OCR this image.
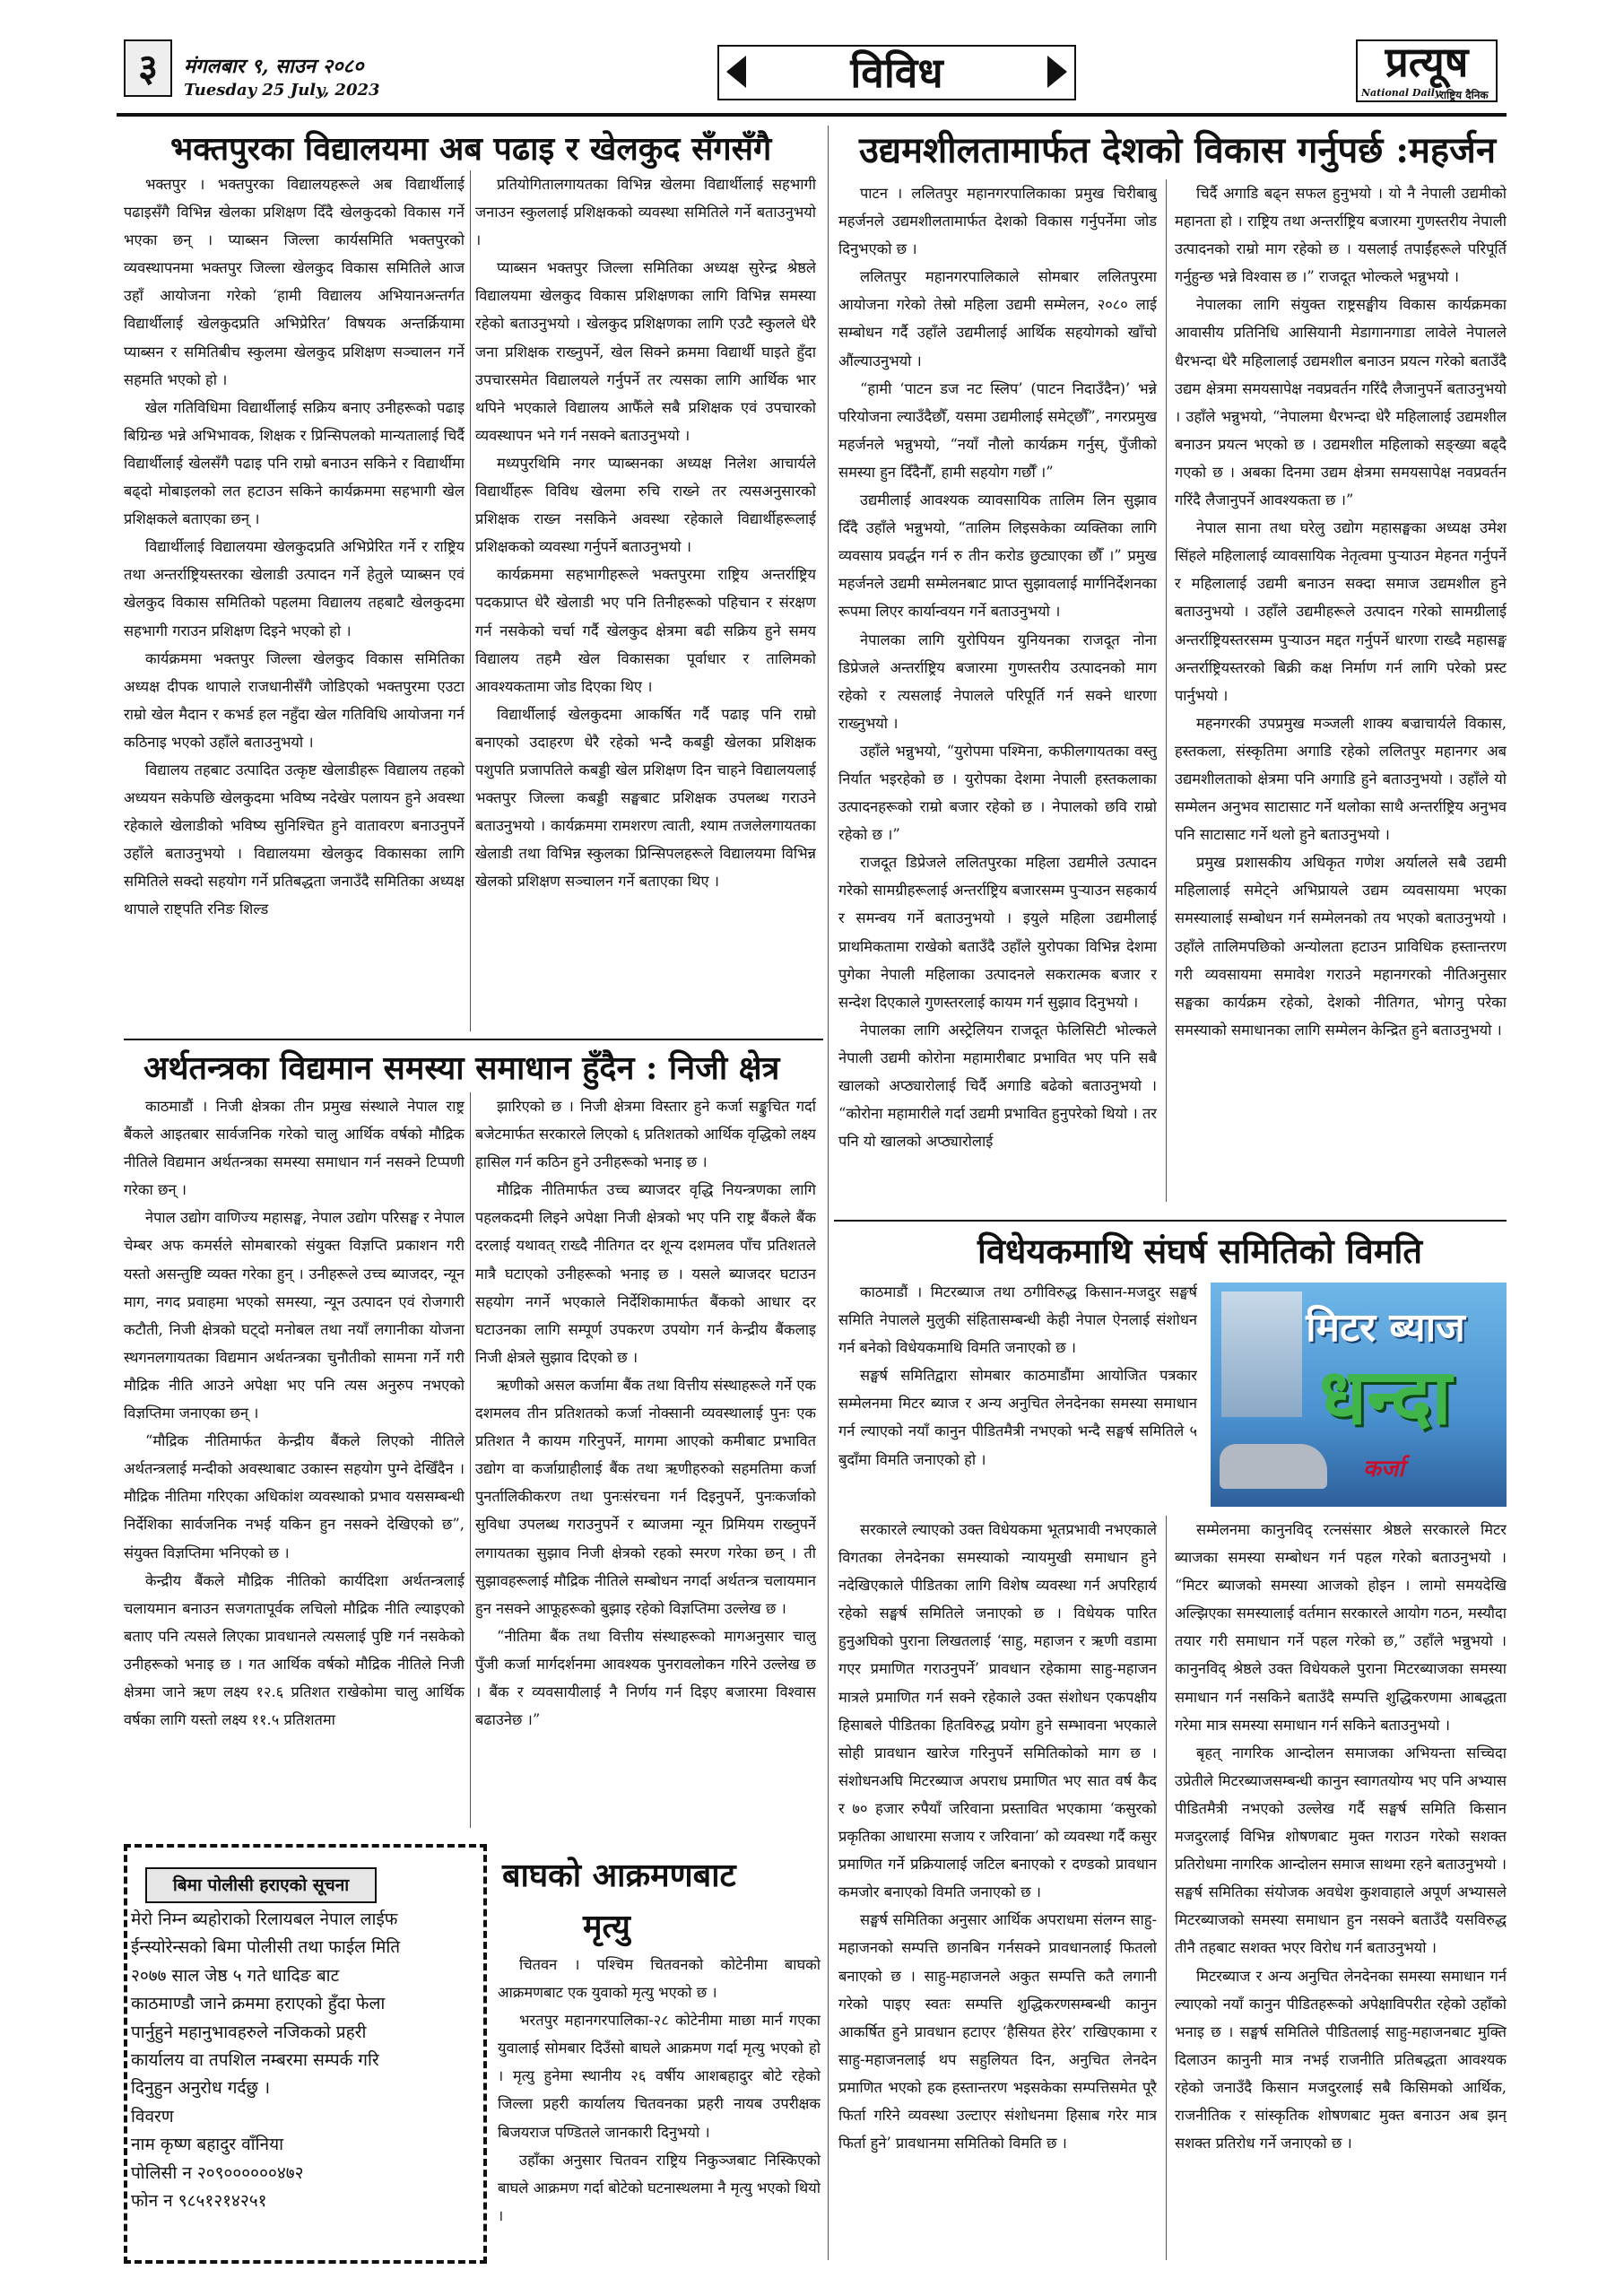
३	मंगलबार ९, साउन २०८०
Tuesday 25 July, 2023	विविध	प्रत्यूष
National Daily
राष्ट्रिय दैनिक
भक्तपुरका विद्यालयमा अब पढाइ र खेलकुद सँगसँगै

भक्तपुर । भक्तपुरका विद्यालयहरूले अब विद्यार्थीलाई पढाइसँगै विभिन्न खेलका प्रशिक्षण दिँदै खेलकुदको विकास गर्ने भएका छन् । प्याब्सन जिल्ला कार्यसमिति भक्तपुरको व्यवस्थापनमा भक्तपुर जिल्ला खेलकुद विकास समितिले आज उहाँ आयोजना गरेको ‘हामी विद्यालय अभियानअन्तर्गत विद्यार्थीलाई खेलकुदप्रति अभिप्रेरित’ विषयक अन्तर्क्रियामा प्याब्सन र समितिबीच स्कुलमा खेलकुद प्रशिक्षण सञ्चालन गर्ने सहमति भएको हो ।

खेल गतिविधिमा विद्यार्थीलाई सक्रिय बनाए उनीहरूको पढाइ बिग्रिन्छ भन्ने अभिभावक, शिक्षक र प्रिन्सिपलको मान्यतालाई चिर्दै विद्यार्थीलाई खेलसँगै पढाइ पनि राम्रो बनाउन सकिने र विद्यार्थीमा बढ्दो मोबाइलको लत हटाउन सकिने कार्यक्रममा सहभागी खेल प्रशिक्षकले बताएका छन् ।

विद्यार्थीलाई विद्यालयमा खेलकुदप्रति अभिप्रेरित गर्ने र राष्ट्रिय तथा अन्तर्राष्ट्रियस्तरका खेलाडी उत्पादन गर्ने हेतुले प्याब्सन एवं खेलकुद विकास समितिको पहलमा विद्यालय तहबाटै खेलकुदमा सहभागी गराउन प्रशिक्षण दिइने भएको हो ।

कार्यक्रममा भक्तपुर जिल्ला खेलकुद विकास समितिका अध्यक्ष दीपक थापाले राजधानीसँगै जोडिएको भक्तपुरमा एउटा राम्रो खेल मैदान र कभर्ड हल नहुँदा खेल गतिविधि आयोजना गर्न कठिनाइ भएको उहाँले बताउनुभयो ।

विद्यालय तहबाट उत्पादित उत्कृष्ट खेलाडीहरू विद्यालय तहको अध्ययन सकेपछि खेलकुदमा भविष्य नदेखेर पलायन हुने अवस्था रहेकाले खेलाडीको भविष्य सुनिश्चित हुने वातावरण बनाउनुपर्ने उहाँले बताउनुभयो । विद्यालयमा खेलकुद विकासका लागि समितिले सक्दो सहयोग गर्ने प्रतिबद्धता जनाउँदै समितिका अध्यक्ष थापाले राष्ट्पति रनिङ शिल्ड

प्रतियोगितालगायतका विभिन्न खेलमा विद्यार्थीलाई सहभागी जनाउन स्कुललाई प्रशिक्षकको व्यवस्था समितिले गर्ने बताउनुभयो ।

प्याब्सन भक्तपुर जिल्ला समितिका अध्यक्ष सुरेन्द्र श्रेष्ठले विद्यालयमा खेलकुद विकास प्रशिक्षणका लागि विभिन्न समस्या रहेको बताउनुभयो । खेलकुद प्रशिक्षणका लागि एउटै स्कुलले धेरै जना प्रशिक्षक राख्नुपर्ने, खेल सिक्ने क्रममा विद्यार्थी घाइते हुँदा उपचारसमेत विद्यालयले गर्नुपर्ने तर त्यसका लागि आर्थिक भार थपिने भएकाले विद्यालय आफैँले सबै प्रशिक्षक एवं उपचारको व्यवस्थापन भने गर्न नसक्ने बताउनुभयो ।

मध्यपुरथिमि नगर प्याब्सनका अध्यक्ष निलेश आचार्यले विद्यार्थीहरू विविध खेलमा रुचि राख्ने तर त्यसअनुसारको प्रशिक्षक राख्न नसकिने अवस्था रहेकाले विद्यार्थीहरूलाई प्रशिक्षकको व्यवस्था गर्नुपर्ने बताउनुभयो ।

कार्यक्रममा सहभागीहरूले भक्तपुरमा राष्ट्रिय अन्तर्राष्ट्रिय पदकप्राप्त धेरै खेलाडी भए पनि तिनीहरूको पहिचान र संरक्षण गर्न नसकेको चर्चा गर्दै खेलकुद क्षेत्रमा बढी सक्रिय हुने समय विद्यालय तहमै खेल विकासका पूर्वाधार र तालिमको आवश्यकतामा जोड दिएका थिए ।

विद्यार्थीलाई खेलकुदमा आकर्षित गर्दै पढाइ पनि राम्रो बनाएको उदाहरण धेरै रहेको भन्दै कबड्डी खेलका प्रशिक्षक पशुपति प्रजापतिले कबड्डी खेल प्रशिक्षण दिन चाहने विद्यालयलाई भक्तपुर जिल्ला कबड्डी सङ्घबाट प्रशिक्षक उपलब्ध गराउने बताउनुभयो । कार्यक्रममा रामशरण त्वाती, श्याम तजलेलगायतका खेलाडी तथा विभिन्न स्कुलका प्रिन्सिपलहरूले विद्यालयमा विभिन्न खेलको प्रशिक्षण सञ्चालन गर्ने बताएका थिए ।

उद्यमशीलतामार्फत देशको विकास गर्नुपर्छ :महर्जन

पाटन । ललितपुर महानगरपालिकाका प्रमुख चिरीबाबु महर्जनले उद्यमशीलतामार्फत देशको विकास गर्नुपर्नेमा जोड दिनुभएको छ ।

ललितपुर महानगरपालिकाले सोमबार ललितपुरमा आयोजना गरेको तेस्रो महिला उद्यमी सम्मेलन, २०८० लाई सम्बोधन गर्दै उहाँले उद्यमीलाई आर्थिक सहयोगको खाँचो औंल्याउनुभयो ।

“हामी ‘पाटन डज नट स्लिप’ (पाटन निदाउँदैन)’ भन्ने परियोजना ल्याउँदैछौँ, यसमा उद्यमीलाई समेट्छौँ”, नगरप्रमुख महर्जनले भन्नुभयो, “नयाँ नौलो कार्यक्रम गर्नुस्, पुँजीको समस्या हुन दिँदैनौँ, हामी सहयोग गर्छौँ ।”

उद्यमीलाई आवश्यक व्यावसायिक तालिम लिन सुझाव दिँदै उहाँले भन्नुभयो, “तालिम लिइसकेका व्यक्तिका लागि व्यवसाय प्रवर्द्धन गर्न रु तीन करोड छुट्याएका छौँ ।” प्रमुख महर्जनले उद्यमी सम्मेलनबाट प्राप्त सुझावलाई मार्गनिर्देशनका रूपमा लिएर कार्यान्वयन गर्ने बताउनुभयो ।

नेपालका लागि युरोपियन युनियनका राजदूत नोना डिप्रेजले अन्तर्राष्ट्रिय बजारमा गुणस्तरीय उत्पादनको माग रहेको र त्यसलाई नेपालले परिपूर्ति गर्न सक्ने धारणा राख्नुभयो ।

उहाँले भन्नुभयो, “युरोपमा पश्मिना, कफीलगायतका वस्तु निर्यात भइरहेको छ । युरोपका देशमा नेपाली हस्तकलाका उत्पादनहरूको राम्रो बजार रहेको छ । नेपालको छवि राम्रो रहेको छ ।”

राजदूत डिप्रेजले ललितपुरका महिला उद्यमीले उत्पादन गरेको सामग्रीहरूलाई अन्तर्राष्ट्रिय बजारसम्म पुर्‍याउन सहकार्य र समन्वय गर्ने बताउनुभयो । इयुले महिला उद्यमीलाई प्राथमिकतामा राखेको बताउँदै उहाँले युरोपका विभिन्न देशमा पुगेका नेपाली महिलाका उत्पादनले सकरात्मक बजार र सन्देश दिएकाले गुणस्तरलाई कायम गर्न सुझाव दिनुभयो ।

नेपालका लागि अस्ट्रेलियन राजदूत फेलिसिटी भोल्कले नेपाली उद्यमी कोरोना महामारीबाट प्रभावित भए पनि सबै खालको अप्ठ्यारोलाई चिर्दै अगाडि बढेको बताउनुभयो । “कोरोना महामारीले गर्दा उद्यमी प्रभावित हुनुपरेको थियो । तर पनि यो खालको अप्ठ्यारोलाई

चिर्दै अगाडि बढ्न सफल हुनुभयो । यो नै नेपाली उद्यमीको महानता हो । राष्ट्रिय तथा अन्तर्राष्ट्रिय बजारमा गुणस्तरीय नेपाली उत्पादनको राम्रो माग रहेको छ । यसलाई तपाईंहरूले परिपूर्ति गर्नुहुन्छ भन्ने विश्वास छ ।” राजदूत भोल्कले भन्नुभयो ।

नेपालका लागि संयुक्त राष्ट्रसङ्घीय विकास कार्यक्रमका आवासीय प्रतिनिधि आसियानी मेडागानगाडा लावेले नेपालले धैरभन्दा धेरै महिलालाई उद्यमशील बनाउन प्रयत्न गरेको बताउँदै उद्यम क्षेत्रमा समयसापेक्ष नवप्रवर्तन गरिंदै लैजानुपर्ने बताउनुभयो । उहाँले भन्नुभयो, “नेपालमा धैरभन्दा धेरै महिलालाई उद्यमशील बनाउन प्रयत्न भएको छ । उद्यमशील महिलाको सङ्ख्या बढ्दै गएको छ । अबका दिनमा उद्यम क्षेत्रमा समयसापेक्ष नवप्रवर्तन गरिंदै लैजानुपर्ने आवश्यकता छ ।”

नेपाल साना तथा घरेलु उद्योग महासङ्घका अध्यक्ष उमेश सिंहले महिलालाई व्यावसायिक नेतृत्वमा पुर्‍याउन मेहनत गर्नुपर्ने र महिलालाई उद्यमी बनाउन सक्दा समाज उद्यमशील हुने बताउनुभयो । उहाँले उद्यमीहरूले उत्पादन गरेको सामग्रीलाई अन्तर्राष्ट्रियस्तरसम्म पुऱ्याउन मद्दत गर्नुपर्ने धारणा राख्दै महासङ्घ अन्तर्राष्ट्रियस्तरको बिक्री कक्ष निर्माण गर्न लागि परेको प्रस्ट पार्नुभयो ।

महनगरकी उपप्रमुख मञ्जली शाक्य बज्राचार्यले विकास, हस्तकला, संस्कृतिमा अगाडि रहेको ललितपुर महानगर अब उद्यमशीलताको क्षेत्रमा पनि अगाडि हुने बताउनुभयो । उहाँले यो सम्मेलन अनुभव साटासाट गर्ने थलोका साथै अन्तर्राष्ट्रिय अनुभव पनि साटासाट गर्ने थलो हुने बताउनुभयो ।

प्रमुख प्रशासकीय अधिकृत गणेश अर्यालले सबै उद्यमी महिलालाई समेट्ने अभिप्रायले उद्यम व्यवसायमा भएका समस्यालाई सम्बोधन गर्न सम्मेलनको तय भएको बताउनुभयो । उहाँले तालिमपछिको अन्योलता हटाउन प्राविधिक हस्तान्तरण गरी व्यवसायमा समावेश गराउने महानगरको नीतिअनुसार सङ्घका कार्यक्रम रहेको, देशको नीतिगत, भोगनु परेका समस्याको समाधानका लागि सम्मेलन केन्द्रित हुने बताउनुभयो ।

अर्थतन्त्रका विद्यमान समस्या समाधान हुँदैन : निजी क्षेत्र

काठमाडौं । निजी क्षेत्रका तीन प्रमुख संस्थाले नेपाल राष्ट्र बैंकले आइतबार सार्वजनिक गरेको चालु आर्थिक वर्षको मौद्रिक नीतिले विद्यमान अर्थतन्त्रका समस्या समाधान गर्न नसक्ने टिप्पणी गरेका छन् ।

नेपाल उद्योग वाणिज्य महासङ्घ, नेपाल उद्योग परिसङ्घ र नेपाल चेम्बर अफ कमर्सले सोमबारको संयुक्त विज्ञप्ति प्रकाशन गरी यस्तो असन्तुष्टि व्यक्त गरेका हुन् । उनीहरूले उच्च ब्याजदर, न्यून माग, नगद प्रवाहमा भएको समस्या, न्यून उत्पादन एवं रोजगारी कटौती, निजी क्षेत्रको घट्दो मनोबल तथा नयाँ लगानीका योजना स्थगनलगायतका विद्यमान अर्थतन्त्रका चुनौतीको सामना गर्ने गरी मौद्रिक नीति आउने अपेक्षा भए पनि त्यस अनुरुप नभएको विज्ञप्तिमा जनाएका छन् ।

“मौद्रिक नीतिमार्फत केन्द्रीय बैंकले लिएको नीतिले अर्थतन्त्रलाई मन्दीको अवस्थाबाट उकास्न सहयोग पुग्ने देखिँदैन । मौद्रिक नीतिमा गरिएका अधिकांश व्यवस्थाको प्रभाव यससम्बन्धी निर्देशिका सार्वजनिक नभई यकिन हुन नसक्ने देखिएको छ”, संयुक्त विज्ञप्तिमा भनिएको छ ।

केन्द्रीय बैंकले मौद्रिक नीतिको कार्यदिशा अर्थतन्त्रलाई चलायमान बनाउन सजगतापूर्वक लचिलो मौद्रिक नीति ल्याइएको बताए पनि त्यसले लिएका प्रावधानले त्यसलाई पुष्टि गर्न नसकेको उनीहरूको भनाइ छ । गत आर्थिक वर्षको मौद्रिक नीतिले निजी क्षेत्रमा जाने ऋण लक्ष्य १२.६ प्रतिशत राखेकोमा चालु आर्थिक वर्षका लागि यस्तो लक्ष्य ११.५ प्रतिशतमा

झारिएको छ । निजी क्षेत्रमा विस्तार हुने कर्जा सङ्कुचित गर्दा बजेटमार्फत सरकारले लिएको ६ प्रतिशतको आर्थिक वृद्धिको लक्ष्य हासिल गर्न कठिन हुने उनीहरूको भनाइ छ ।

मौद्रिक नीतिमार्फत उच्च ब्याजदर वृद्धि नियन्त्रणका लागि पहलकदमी लिइने अपेक्षा निजी क्षेत्रको भए पनि राष्ट्र बैंकले बैंक दरलाई यथावत् राख्दै नीतिगत दर शून्य दशमलव पाँच प्रतिशतले मात्रै घटाएको उनीहरूको भनाइ छ । यसले ब्याजदर घटाउन सहयोग नगर्ने भएकाले निर्देशिकामार्फत बैंकको आधार दर घटाउनका लागि सम्पूर्ण उपकरण उपयोग गर्न केन्द्रीय बैंकलाइ निजी क्षेत्रले सुझाव दिएको छ ।

ऋणीको असल कर्जामा बैंक तथा वित्तीय संस्थाहरूले गर्ने एक दशमलव तीन प्रतिशतको कर्जा नोक्सानी व्यवस्थालाई पुनः एक प्रतिशत नै कायम गरिनुपर्ने, मागमा आएको कमीबाट प्रभावित उद्योग वा कर्जाग्राहीलाई बैंक तथा ऋणीहरुको सहमतिमा कर्जा पुनर्तालिकीकरण तथा पुनःसंरचना गर्न दिइनुपर्ने, पुनःकर्जाको सुविधा उपलब्ध गराउनुपर्ने र ब्याजमा न्यून प्रिमियम राख्नुपर्ने लगायतका सुझाव निजी क्षेत्रको रहको स्मरण गरेका छन् । ती सुझावहरूलाई मौद्रिक नीतिले सम्बोधन नगर्दा अर्थतन्त्र चलायमान हुन नसक्ने आफूहरूको बुझाइ रहेको विज्ञप्तिमा उल्लेख छ ।

“नीतिमा बैंक तथा वित्तीय संस्थाहरूको मागअनुसार चालु पुँजी कर्जा मार्गदर्शनमा आवश्यक पुनरावलोकन गरिने उल्लेख छ । बैंक र व्यवसायीलाई नै निर्णय गर्न दिइए बजारमा विश्वास बढाउनेछ ।”

विधेयकमाथि संघर्ष समितिको विमति

काठमाडौं । मिटरब्याज तथा ठगीविरुद्ध किसान-मजदुर सङ्घर्ष समिति नेपालले मुलुकी संहितासम्बन्धी केही नेपाल ऐनलाई संशोधन गर्न बनेको विधेयकमाथि विमति जनाएको छ ।

सङ्घर्ष समितिद्वारा सोमबार काठमाडौंमा आयोजित पत्रकार सम्मेलनमा मिटर ब्याज र अन्य अनुचित लेनदेनका समस्या समाधान गर्न ल्याएको नयाँ कानुन पीडितमैत्री नभएको भन्दै सङ्घर्ष समितिले ५ बुदाँमा विमति जनाएको हो ।

मिटर ब्याज
धन्दा
कर्जा

सरकारले ल्याएको उक्त विधेयकमा भूतप्रभावी नभएकाले विगतका लेनदेनका समस्याको न्यायमुखी समाधान हुने नदेखिएकाले पीडितका लागि विशेष व्यवस्था गर्न अपरिहार्य रहेको सङ्घर्ष समितिले जनाएको छ । विधेयक पारित हुनुअघिको पुराना लिखतलाई ‘साहु, महाजन र ऋणी वडामा गएर प्रमाणित गराउनुपर्ने’ प्रावधान रहेकामा साहु-महाजन मात्रले प्रमाणित गर्न सक्ने रहेकाले उक्त संशोधन एकपक्षीय हिसाबले पीडितका हितविरुद्ध प्रयोग हुने सम्भावना भएकाले सोही प्रावधान खारेज गरिनुपर्ने समितिकोको माग छ । संशोधनअघि मिटरब्याज अपराध प्रमाणित भए सात वर्ष कैद र ७० हजार रुपैयाँ जरिवाना प्रस्तावित भएकामा ‘कसुरको प्रकृतिका आधारमा सजाय र जरिवाना’ को व्यवस्था गर्दै कसुर प्रमाणित गर्ने प्रक्रियालाई जटिल बनाएको र दण्डको प्रावधान कमजोर बनाएको विमति जनाएको छ ।

सङ्घर्ष समितिका अनुसार आर्थिक अपराधमा संलग्न साहु-महाजनको सम्पत्ति छानबिन गर्नसक्ने प्रावधानलाई फितलो बनाएको छ । साहु-महाजनले अकुत सम्पत्ति कतै लगानी गरेको पाइए स्वतः सम्पत्ति शुद्धिकरणसम्बन्धी कानुन आकर्षित हुने प्रावधान हटाएर ‘हैसियत हेरेर’ राखिएकामा र साहु-महाजनलाई थप सहुलियत दिन, अनुचित लेनदेन प्रमाणित भएको हक हस्तान्तरण भइसकेका सम्पत्तिसमेत पूरै फिर्ता गरिने व्यवस्था उल्टाएर संशोधनमा हिसाब गरेर मात्र फिर्ता हुने’ प्रावधानमा समितिको विमति छ ।

सम्मेलनमा कानुनविद् रत्नसंसार श्रेष्ठले सरकारले मिटर ब्याजका समस्या सम्बोधन गर्न पहल गरेको बताउनुभयो । “मिटर ब्याजको समस्या आजको होइन । लामो समयदेखि अल्झिएका समस्यालाई वर्तमान सरकारले आयोग गठन, मस्यौदा तयार गरी समाधान गर्ने पहल गरेको छ,” उहाँले भन्नुभयो । कानुनविद् श्रेष्ठले उक्त विधेयकले पुराना मिटरब्याजका समस्या समाधान गर्न नसकिने बताउँदै सम्पत्ति शुद्धिकरणमा आबद्धता गरेमा मात्र समस्या समाधान गर्न सकिने बताउनुभयो ।

बृहत् नागरिक आन्दोलन समाजका अभियन्ता सच्चिदा उप्रेतीले मिटरब्याजसम्बन्धी कानुन स्वागतयोग्य भए पनि अभ्यास पीडितमैत्री नभएको उल्लेख गर्दै सङ्घर्ष समिति किसान मजदुरलाई विभिन्न शोषणबाट मुक्त गराउन गरेको सशक्त प्रतिरोधमा नागरिक आन्दोलन समाज साथमा रहने बताउनुभयो । सङ्घर्ष समितिका संयोजक अवधेश कुशवाहाले अपूर्ण अभ्यासले मिटरब्याजको समस्या समाधान हुन नसक्ने बताउँदै यसविरुद्ध तीनै तहबाट सशक्त भएर विरोध गर्न बताउनुभयो ।

मिटरब्याज र अन्य अनुचित लेनदेनका समस्या समाधान गर्न ल्याएको नयाँ कानुन पीडितहरूको अपेक्षाविपरीत रहेको उहाँको भनाइ छ । सङ्घर्ष समितिले पीडितलाई साहु-महाजनबाट मुक्ति दिलाउन कानुनी मात्र नभई राजनीति प्रतिबद्धता आवश्यक रहेको जनाउँदै किसान मजदुरलाई सबै किसिमको आर्थिक, राजनीतिक र सांस्कृतिक शोषणबाट मुक्त बनाउन अब झन् सशक्त प्रतिरोध गर्ने जनाएको छ ।

बिमा पोलीसी हराएको सूचना
मेरो निम्न ब्यहोराको रिलायबल नेपाल लाईफ
ईन्स्योरेन्सको बिमा पोलीसी तथा फाईल मिति
२०७७ साल जेष्ठ ५ गते धादिङ बाट
काठमाण्डौ जाने क्रममा हराएको हुँदा फेला
पार्नुहुने महानुभावहरुले नजिकको प्रहरी
कार्यालय वा तपशिल नम्बरमा सम्पर्क गरि
दिनुहुन अनुरोध गर्दछु ।
विवरण
नाम कृष्ण बहादुर वाँनिया
पोलिसी न २०९००००००४७२
फोन न ९८५१२१४२५१
बाघको आक्रमणबाट
मृत्यु

चितवन । पश्चिम चितवनको कोटेनीमा बाघको आक्रमणबाट एक युवाको मृत्यु भएको छ ।

भरतपुर महानगरपालिका-२८ कोटेनीमा माछा मार्न गएका युवालाई सोमबार दिउँसो बाघले आक्रमण गर्दा मृत्यु भएको हो । मृत्यु हुनेमा स्थानीय २६ वर्षीय आशबहादुर बोटे रहेको जिल्ला प्रहरी कार्यालय चितवनका प्रहरी नायब उपरीक्षक बिजयराज पण्डितले जानकारी दिनुभयो ।

उहाँका अनुसार चितवन राष्ट्रिय निकुञ्जबाट निस्किएको बाघले आक्रमण गर्दा बोटेको घटनास्थलमा नै मृत्यु भएको थियो ।
